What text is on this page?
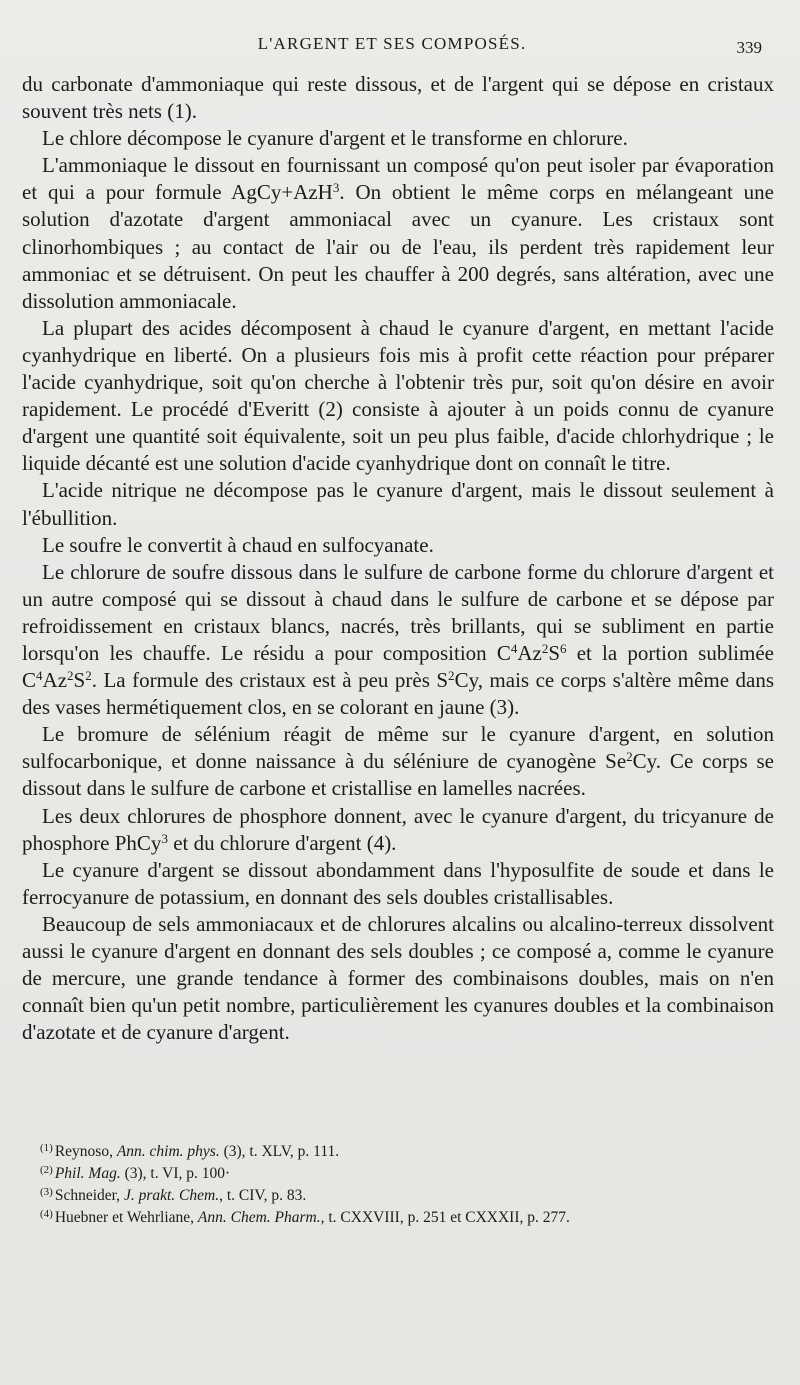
L'ARGENT ET SES COMPOSÉS.	339

du carbonate d'ammoniaque qui reste dissous, et de l'argent qui se dépose en cristaux souvent très nets (1).

Le chlore décompose le cyanure d'argent et le transforme en chlorure.

L'ammoniaque le dissout en fournissant un composé qu'on peut isoler par évaporation et qui a pour formule AgCy+AzH$^3$. On obtient le même corps en mélangeant une solution d'azotate d'argent ammoniacal avec un cyanure. Les cristaux sont clinorhombiques ; au contact de l'air ou de l'eau, ils perdent très rapidement leur ammoniac et se détruisent. On peut les chauffer à 200 degrés, sans altération, avec une dissolution ammoniacale.

La plupart des acides décomposent à chaud le cyanure d'argent, en mettant l'acide cyanhydrique en liberté. On a plusieurs fois mis à profit cette réaction pour préparer l'acide cyanhydrique, soit qu'on cherche à l'obtenir très pur, soit qu'on désire en avoir rapidement. Le procédé d'Everitt (2) consiste à ajouter à un poids connu de cyanure d'argent une quantité soit équivalente, soit un peu plus faible, d'acide chlorhydrique ; le liquide décanté est une solution d'acide cyanhydrique dont on connaît le titre.

L'acide nitrique ne décompose pas le cyanure d'argent, mais le dissout seulement à l'ébullition.

Le soufre le convertit à chaud en sulfocyanate.

Le chlorure de soufre dissous dans le sulfure de carbone forme du chlorure d'argent et un autre composé qui se dissout à chaud dans le sulfure de carbone et se dépose par refroidissement en cristaux blancs, nacrés, très brillants, qui se subliment en partie lorsqu'on les chauffe. Le résidu a pour composition $C^4Az^2S^6$ et la portion sublimée $C^4Az^2S^2$. La formule des cristaux est à peu près $S^2Cy$, mais ce corps s'altère même dans des vases hermétiquement clos, en se colorant en jaune (3).

Le bromure de sélénium réagit de même sur le cyanure d'argent, en solution sulfocarbonique, et donne naissance à du séléniure de cyanogène Se$^2$Cy. Ce corps se dissout dans le sulfure de carbone et cristallise en lamelles nacrées.

Les deux chlorures de phosphore donnent, avec le cyanure d'argent, du tricyanure de phosphore PhCy$^3$ et du chlorure d'argent (4).

Le cyanure d'argent se dissout abondamment dans l'hyposulfite de soude et dans le ferrocyanure de potassium, en donnant des sels doubles cristallisables.

Beaucoup de sels ammoniacaux et de chlorures alcalins ou alcalino-terreux dissolvent aussi le cyanure d'argent en donnant des sels doubles ; ce composé a, comme le cyanure de mercure, une grande tendance à former des combinaisons doubles, mais on n'en connaît bien qu'un petit nombre, particulièrement les cyanures doubles et la combinaison d'azotate et de cyanure d'argent.

$^{(1)}$ Reynoso, Ann. chim. phys. (3), t. XLV, p. 111.

$^{(2)}$ Phil. Mag. (3), t. VI, p. 100·

$^{(3)}$ Schneider, J. prakt. Chem., t. CIV, p. 83.

$^{(4)}$ Huebner et Wehrliane, Ann. Chem. Pharm., t. CXXVIII, p. 251 et CXXXII, p. 277.
